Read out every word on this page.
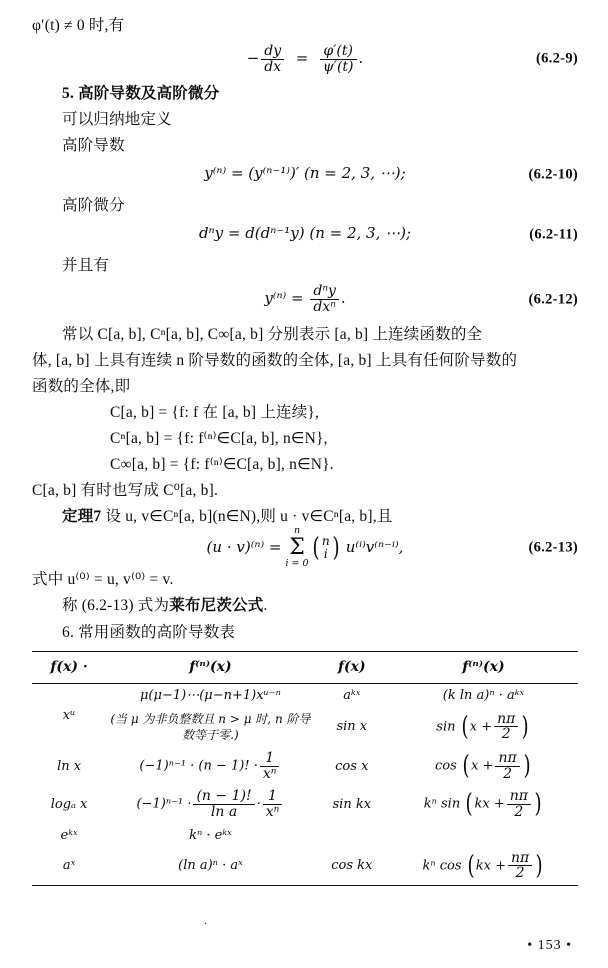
φ′(t) ≠ 0 时,有
− $\frac{dy}{dx} = \frac{\varphi'(t)}{\psi'(t)}$ .	(6.2-9)
5. 高阶导数及高阶微分
可以归纳地定义
高阶导数
y⁽ⁿ⁾ = (y⁽ⁿ⁻¹⁾)′ (n = 2, 3, ⋯);	(6.2-10)
高阶微分
dⁿy = d(dⁿ⁻¹y) (n = 2, 3, ⋯);	(6.2-11)
并且有
$y^{(n)} = \frac{\text{dⁿy}}{\text{dxⁿ}}$ .	(6.2-12)
常以 C[a, b], Cⁿ[a, b], C∞[a, b] 分别表示 [a, b] 上连续函数的全
体, [a, b] 上具有连续 n 阶导数的函数的全体, [a, b] 上具有任何阶导数的
函数的全体,即
C[a, b] = {f: f 在 [a, b] 上连续},
Cⁿ[a, b] = {f: f⁽ⁿ⁾∈C[a, b], n∈N},
C∞[a, b] = {f: f⁽ⁿ⁾∈C[a, b], n∈N}.
C[a, b] 有时也写成 C⁰[a, b].
定理7 设 u, v∈Cⁿ[a, b](n∈N),则 u · v∈Cⁿ[a, b],且
(u · v)⁽ⁿ⁾ =
n
Σ
i = 0
( n
i ) u⁽ⁱ⁾v⁽ⁿ⁻ⁱ⁾,	(6.2-13)
式中 u⁽⁰⁾ = u, v⁽⁰⁾ = v.
称 (6.2-13) 式为莱布尼茨公式.
6. 常用函数的高阶导数表
f(x) ·	f⁽ⁿ⁾(x)	f(x)	f⁽ⁿ⁾(x)

xᵘ	μ(μ−1)⋯(μ−n+1)xᵘ⁻ⁿ	aᵏˣ	(k ln a)ⁿ · aᵏˣ
	(当 μ 为非负整数且 n > μ 时, n 阶导数等于零.)	sin x	sin ( $x + \frac{n\pi}{2}$ )
ln x	(−1)ⁿ⁻¹ · (n − 1)! · $\frac{1}{\text{xⁿ}}$	cos x	cos ( $x + \frac{n\pi}{2}$ )
logₐ x	$(-1)^{n-1} \cdot \frac{(n - 1)!}{\text{ln a}} \cdot \frac{1}{\text{xⁿ}}$	sin kx	kⁿ sin ( kx + $\frac{n\pi}{2}$ )
eᵏˣ	kⁿ · eᵏˣ		
aˣ	(ln a)ⁿ · aˣ	cos kx	kⁿ cos ( kx + $\frac{n\pi}{2}$ )
.
• 153 •
